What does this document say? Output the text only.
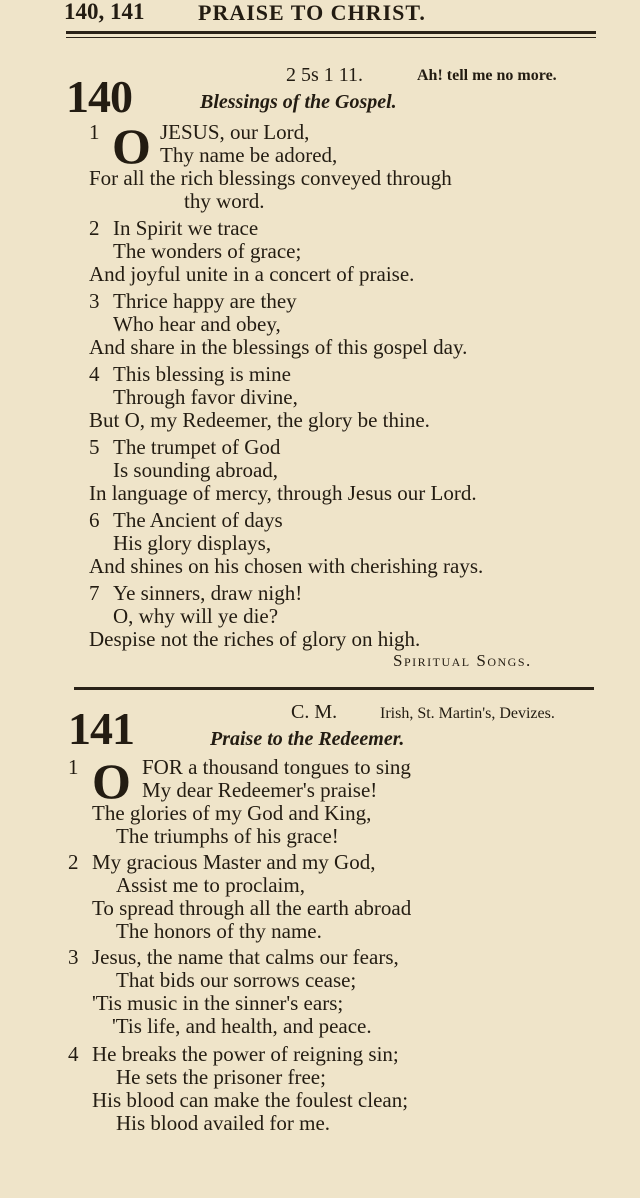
140, 141 PRAISE TO CHRIST.
140	2 5s 1 11.	Ah! tell me no more.
Blessings of the Gospel.
1 O JESUS, our Lord,
Thy name be adored,
For all the rich blessings conveyed through
thy word.
2 In Spirit we trace
The wonders of grace;
And joyful unite in a concert of praise.
3 Thrice happy are they
Who hear and obey,
And share in the blessings of this gospel day.
4 This blessing is mine
Through favor divine,
But O, my Redeemer, the glory be thine.
5 The trumpet of God
Is sounding abroad,
In language of mercy, through Jesus our Lord.
6 The Ancient of days
His glory displays,
And shines on his chosen with cherishing rays.
7 Ye sinners, draw nigh!
O, why will ye die?
Despise not the riches of glory on high.
Spiritual Songs.
141	C. M.	Irish, St. Martin's, Devizes.
Praise to the Redeemer.
1 O FOR a thousand tongues to sing
My dear Redeemer's praise!
The glories of my God and King,
The triumphs of his grace!
2 My gracious Master and my God,
Assist me to proclaim,
To spread through all the earth abroad
The honors of thy name.
3 Jesus, the name that calms our fears,
That bids our sorrows cease;
'Tis music in the sinner's ears;
'Tis life, and health, and peace.
4 He breaks the power of reigning sin;
He sets the prisoner free;
His blood can make the foulest clean;
His blood availed for me.
